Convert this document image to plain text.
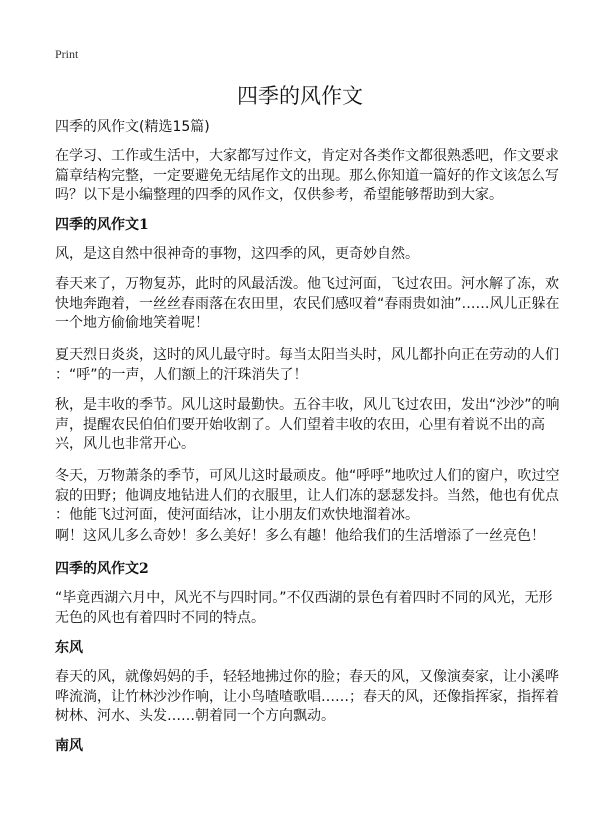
Print
四季的风作文
四季的风作文(精选15篇)
在学习、工作或生活中，大家都写过作文，肯定对各类作文都很熟悉吧，作文要求
篇章结构完整，一定要避免无结尾作文的出现。那么你知道一篇好的作文该怎么写
吗？以下是小编整理的四季的风作文，仅供参考，希望能够帮助到大家。
四季的风作文1
风，是这自然中很神奇的事物，这四季的风，更奇妙自然。
春天来了，万物复苏，此时的风最活泼。他飞过河面，飞过农田。河水解了冻，欢
快地奔跑着，一丝丝春雨落在农田里，农民们感叹着“春雨贵如油”……风儿正躲在
一个地方偷偷地笑着呢！
夏天烈日炎炎，这时的风儿最守时。每当太阳当头时，风儿都扑向正在劳动的人们
：“呼”的一声，人们额上的汗珠消失了！
秋，是丰收的季节。风儿这时最勤快。五谷丰收，风儿飞过农田，发出“沙沙”的响
声，提醒农民伯伯们要开始收割了。人们望着丰收的农田，心里有着说不出的高
兴，风儿也非常开心。
冬天，万物萧条的季节，可风儿这时最顽皮。他“呼呼”地吹过人们的窗户，吹过空
寂的田野；他调皮地钻进人们的衣服里，让人们冻的瑟瑟发抖。当然，他也有优点
：他能飞过河面，使河面结冰，让小朋友们欢快地溜着冰。
啊！这风儿多么奇妙！多么美好！多么有趣！他给我们的生活增添了一丝亮色！
四季的风作文2
“毕竟西湖六月中，风光不与四时同。”不仅西湖的景色有着四时不同的风光，无形
无色的风也有着四时不同的特点。
东风
春天的风，就像妈妈的手，轻轻地拂过你的脸；春天的风，又像演奏家，让小溪哗
哗流淌，让竹林沙沙作响，让小鸟喳喳歌唱……；春天的风，还像指挥家，指挥着
树林、河水、头发……朝着同一个方向飘动。
南风
